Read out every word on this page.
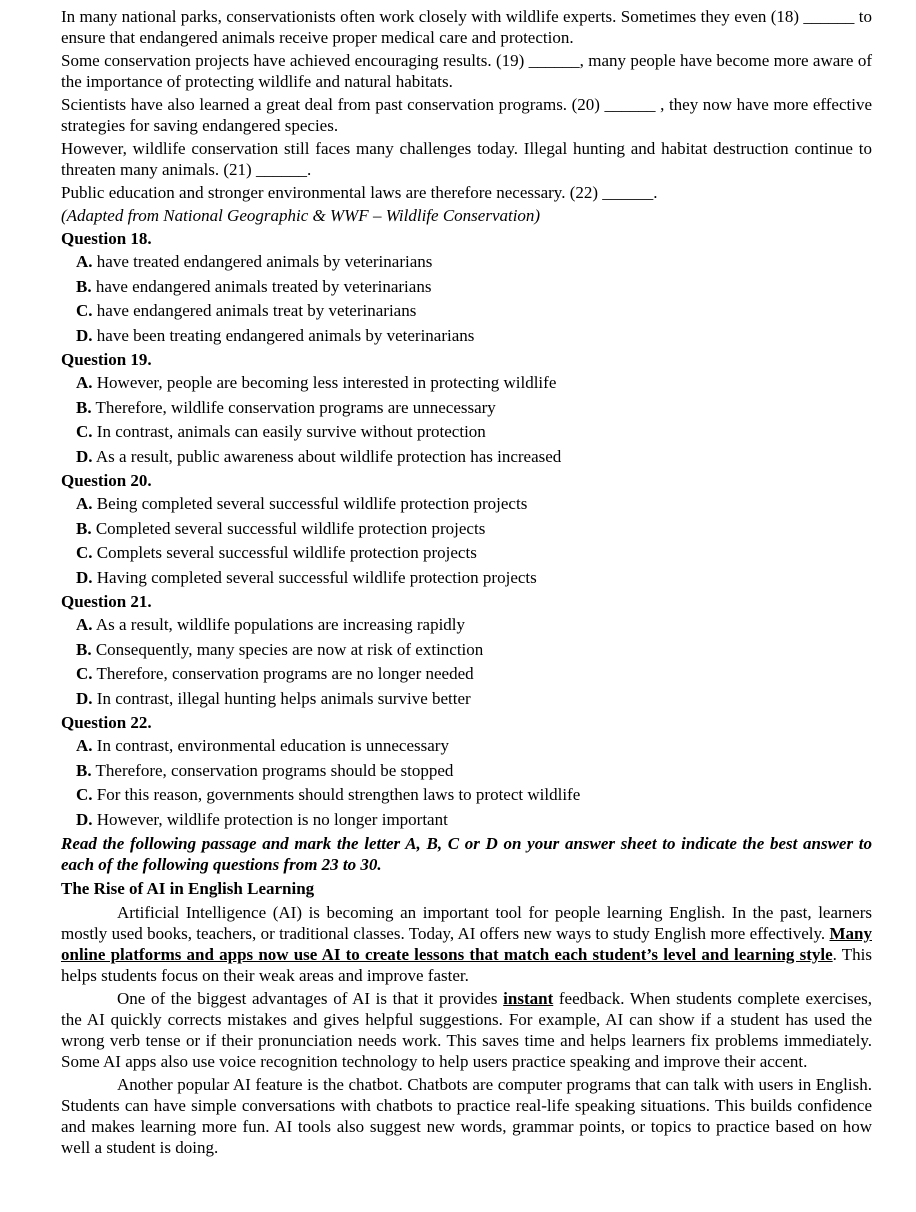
In many national parks, conservationists often work closely with wildlife experts. Sometimes they even (18) ______ to ensure that endangered animals receive proper medical care and protection.

Some conservation projects have achieved encouraging results. (19) ______, many people have become more aware of the importance of protecting wildlife and natural habitats.

Scientists have also learned a great deal from past conservation programs. (20) ______ , they now have more effective strategies for saving endangered species.

However, wildlife conservation still faces many challenges today. Illegal hunting and habitat destruction continue to threaten many animals. (21) ______.

Public education and stronger environmental laws are therefore necessary. (22) ______.

(Adapted from National Geographic & WWF – Wildlife Conservation)

Question 18.
A. have treated endangered animals by veterinarians
B. have endangered animals treated by veterinarians
C. have endangered animals treat by veterinarians
D. have been treating endangered animals by veterinarians
Question 19.
A. However, people are becoming less interested in protecting wildlife
B. Therefore, wildlife conservation programs are unnecessary
C. In contrast, animals can easily survive without protection
D. As a result, public awareness about wildlife protection has increased
Question 20.
A. Being completed several successful wildlife protection projects
B. Completed several successful wildlife protection projects
C. Complets several successful wildlife protection projects
D. Having completed several successful wildlife protection projects
Question 21.
A. As a result, wildlife populations are increasing rapidly
B. Consequently, many species are now at risk of extinction
C. Therefore, conservation programs are no longer needed
D. In contrast, illegal hunting helps animals survive better
Question 22.
A. In contrast, environmental education is unnecessary
B. Therefore, conservation programs should be stopped
C. For this reason, governments should strengthen laws to protect wildlife
D. However, wildlife protection is no longer important
Read the following passage and mark the letter A, B, C or D on your answer sheet to indicate the best answer to each of the following questions from 23 to 30.
The Rise of AI in English Learning

Artificial Intelligence (AI) is becoming an important tool for people learning English. In the past, learners mostly used books, teachers, or traditional classes. Today, AI offers new ways to study English more effectively. Many online platforms and apps now use AI to create lessons that match each student’s level and learning style. This helps students focus on their weak areas and improve faster.

One of the biggest advantages of AI is that it provides instant feedback. When students complete exercises, the AI quickly corrects mistakes and gives helpful suggestions. For example, AI can show if a student has used the wrong verb tense or if their pronunciation needs work. This saves time and helps learners fix problems immediately. Some AI apps also use voice recognition technology to help users practice speaking and improve their accent.

Another popular AI feature is the chatbot. Chatbots are computer programs that can talk with users in English. Students can have simple conversations with chatbots to practice real-life speaking situations. This builds confidence and makes learning more fun. AI tools also suggest new words, grammar points, or topics to practice based on how well a student is doing.
